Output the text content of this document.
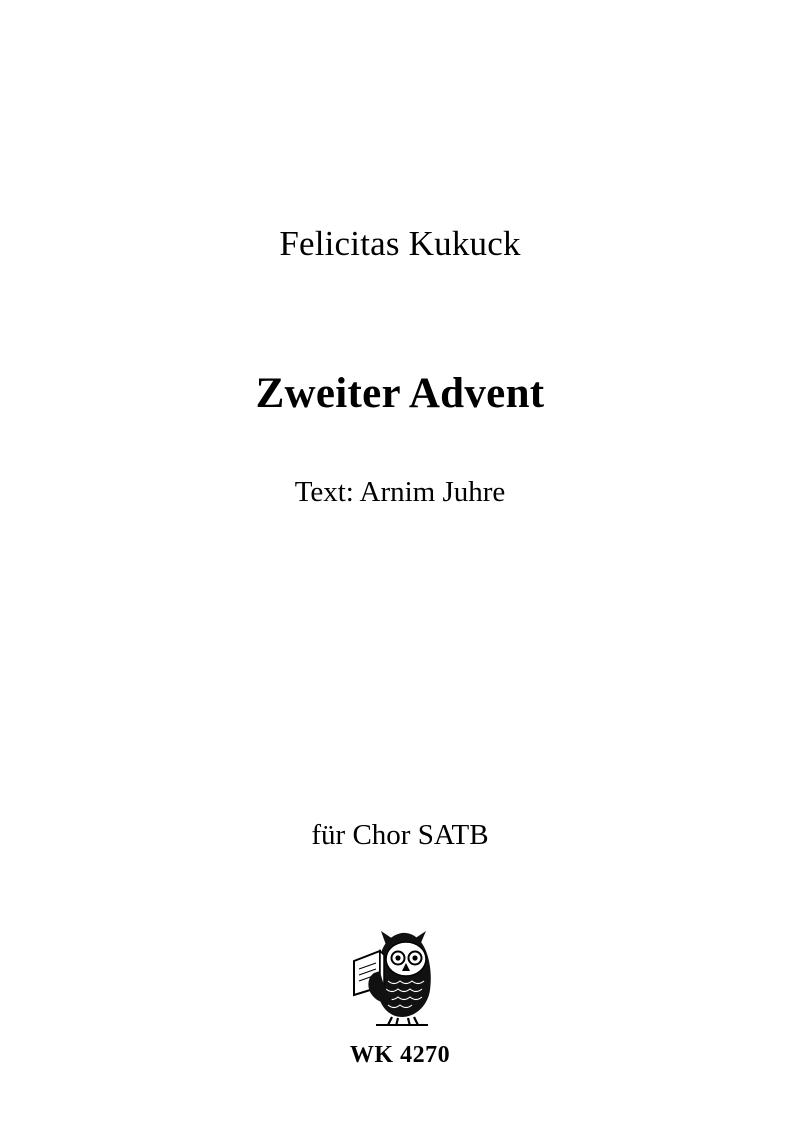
Felicitas Kukuck
Zweiter Advent
Text: Arnim Juhre
für Chor SATB
WK 4270
